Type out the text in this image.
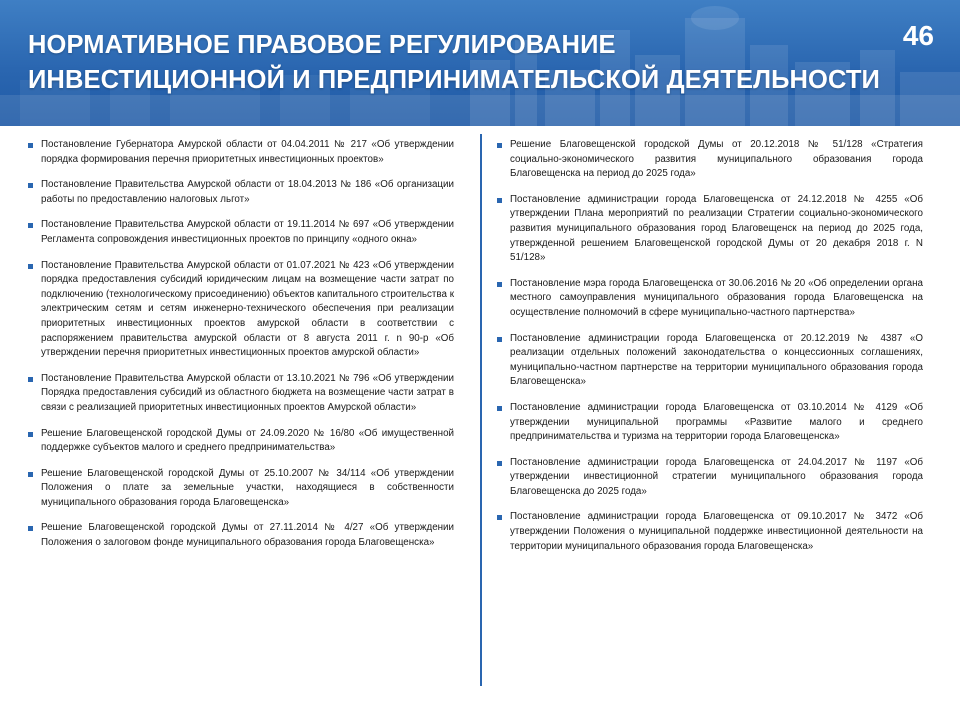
НОРМАТИВНОЕ ПРАВОВОЕ РЕГУЛИРОВАНИЕ
ИНВЕСТИЦИОННОЙ И ПРЕДПРИНИМАТЕЛЬСКОЙ ДЕЯТЕЛЬНОСТИ
46
Постановление Губернатора Амурской области от 04.04.2011 № 217 «Об утверждении порядка формирования перечня приоритетных инвестиционных проектов»
Постановление Правительства Амурской области от 18.04.2013 № 186 «Об организации работы по предоставлению налоговых льгот»
Постановление Правительства Амурской области от 19.11.2014 № 697 «Об утверждении Регламента сопровождения инвестиционных проектов по принципу «одного окна»
Постановление Правительства Амурской области от 01.07.2021 № 423 «Об утверждении порядка предоставления субсидий юридическим лицам на возмещение части затрат по подключению (технологическому присоединению) объектов капитального строительства к электрическим сетям и сетям инженерно-технического обеспечения при реализации приоритетных инвестиционных проектов амурской области в соответствии с распоряжением правительства амурской области от 8 августа 2011 г. n 90-р «Об утверждении перечня приоритетных инвестиционных проектов амурской области»
Постановление Правительства Амурской области от 13.10.2021 № 796 «Об утверждении Порядка предоставления субсидий из областного бюджета на возмещение части затрат в связи с реализацией приоритетных инвестиционных проектов Амурской области»
Решение Благовещенской городской Думы от 24.09.2020 № 16/80 «Об имущественной поддержке субъектов малого и среднего предпринимательства»
Решение Благовещенской городской Думы от 25.10.2007 № 34/114 «Об утверждении Положения о плате за земельные участки, находящиеся в собственности муниципального образования города Благовещенска»
Решение Благовещенской городской Думы от 27.11.2014 № 4/27 «Об утверждении Положения о залоговом фонде муниципального образования города Благовещенска»
Решение Благовещенской городской Думы от 20.12.2018 № 51/128 «Стратегия социально-экономического развития муниципального образования города Благовещенска на период до 2025 года»
Постановление администрации города Благовещенска от 24.12.2018 № 4255 «Об утверждении Плана мероприятий по реализации Стратегии социально-экономического развития муниципального образования город Благовещенск на период до 2025 года, утвержденной решением Благовещенской городской Думы от 20 декабря 2018 г. N 51/128»
Постановление мэра города Благовещенска от 30.06.2016 № 20 «Об определении органа местного самоуправления муниципального образования города Благовещенска на осуществление полномочий в сфере муниципально-частного партнерства»
Постановление администрации города Благовещенска от 20.12.2019 № 4387 «О реализации отдельных положений законодательства о концессионных соглашениях, муниципально-частном партнерстве на территории муниципального образования города Благовещенска»
Постановление администрации города Благовещенска от 03.10.2014 № 4129 «Об утверждении муниципальной программы «Развитие малого и среднего предпринимательства и туризма на территории города Благовещенска»
Постановление администрации города Благовещенска от 24.04.2017 № 1197 «Об утверждении инвестиционной стратегии муниципального образования города Благовещенска до 2025 года»
Постановление администрации города Благовещенска от 09.10.2017 № 3472 «Об утверждении Положения о муниципальной поддержке инвестиционной деятельности на территории муниципального образования города Благовещенска»
